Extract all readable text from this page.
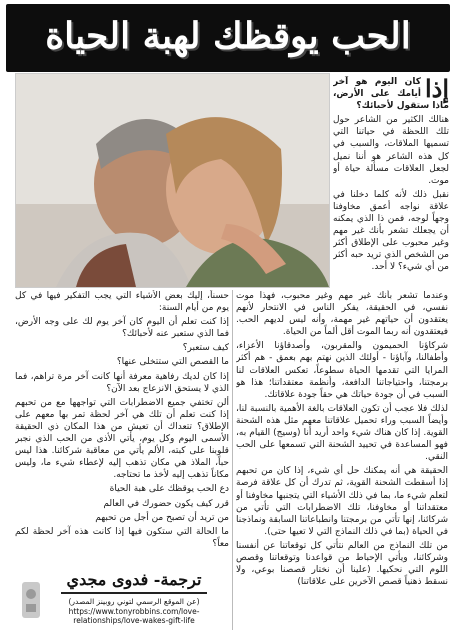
الحب يوقظك لهبة الحياة

إذا
كان اليوم هو آخر أيامك على الأرض، ماذا ستقول لأحبائك؟

هنالك الكثير من الشاعر حول تلك اللحظة في حياتنا التي تسميها الملاقات، والسبب في كل هذه الشاعر هو أننا نميل لجعل العلاقات مسألة حياة أو موت.

نقبل ذلك لأنه كلما دخلنا في علاقة نواجه أعمق مخاوفنا وجهاً لوجه، فمن ذا الذي يمكنه أن يجعلك تشعر بأنك غير مهم وغير محبوب على الإطلاق أكثر من الشخص الذي تريد حبه أكثر من أي شيء؟ لا أحد.

وعندما تشعر بأنك غير مهم وغير محبوب، فهذا موت نفسي، في الحقيقة، يفكر الناس في الانتحار لأنهم يعتقدون أن حياتهم غير مهمة، وأنه ليس لديهم الحب. فيعتقدون أنه ربما الموت أقل ألماً من الحياة.

شركاؤنا الحميمون والمقربون، وأصدقاؤنا الأعزاء، وأطفالنا، وآباؤنا - أولئك الذين نهتم بهم بعمق - هم أكثر المرايا التي تقدمها الحياة سطوعاً، تعكس العلاقات لنا برمجتنا، واحتياجاتنا الدافعة، وأنظمة معتقداتنا؛ هذا هو السبب في أن جودة حياتك هي حقاً جودة علاقاتك.

لذلك فلا عجب أن تكون العلاقات بالغة الأهمية بالنسبة لنا، وأيضاً السبب وراء تحميل علاقاتنا معهم مثل هذه الشحنة القوية. إذا كان هناك شيء واحد أريد أنا (وسيج) القيام به، فهو المساعدة في تحييد الشحنة التي تسمعها على الحب النقي.

الحقيقة هي أنه يمكنك حل أي شيء، إذا كان من تحبهم إذا أسقطت الشحنة القوية، ثم تدرك أن كل علاقة فرصة لتعلم شيء ما، بما في ذلك الأشياء التي يتجنبها مخاوفنا أو معتقداتنا أو مخاوفنا، تلك الاضطرابات التي تأتي من شركائنا، إنها تأتي من برمجتنا وانطباعاتنا السابقة ونماذجنا في الحياة (بما في ذلك النماذج التي لا تعيها حتى).

من تلك النماذج من العالم نتأتي كل توقعاتنا عن أنفسنا وشركائنا، ويأتي الإحباط من قواعدنا وتوقعاتنا وقصص اللوم التي نحكيها. (علينا أن نختار قصصنا بوعي، ولا نسقط ذهنياً قصص الآخرين على علاقاتنا)

حسناً، إليك بعض الأشياء التي يجب التفكير فيها في كل يوم من أيام السنة:

إذا كنت تعلم أن اليوم كان آخر يوم لك على وجه الأرض، فما الذي ستعبر عنه لأحبائك؟

كيف ستعبر؟

ما القصص التي ستتخلى عنها؟

إذا كان لديك رفاهية معرفة أنها كانت آخر مرة تراهم، فما الذي لا يستحق الانزعاج بعد الآن؟

ألن تختفي جميع الاضطرابات التي تواجهها مع من تحبهم إذا كنت تعلم أن تلك هي آخر لحظة تمر بها معهم على الإطلاق؟ تتعداك أن تعيش من هذا المكان ذي الحقيقة الأسمى اليوم وكل يوم، يأتي الأذى من الحب الذي نجبر قلوبنا على كبته، الألم يأتي من معاقبة شركائنا. هذا ليس حباً، الملاذ هي مكان تذهب إليه لإعطاء شيء ما، وليس مكاناً تذهب إليه لأخذ ما تحتاجه.

دع الحب يوقظك على هبة الحياة

قرر كيف يكون حضورك في العالم

من تريد أن تصبح من أجل من تحبهم

ما الحالة التي ستكون فيها إذا كانت هذه آخر لحظة لكم معاً؟

ترجمة- فدوى مجدي
(عن الموقع الرسمي لتوني روبينز المصدر)
https://www.tonyrobbins.com/love-relationships/love-wakes-gift-life
